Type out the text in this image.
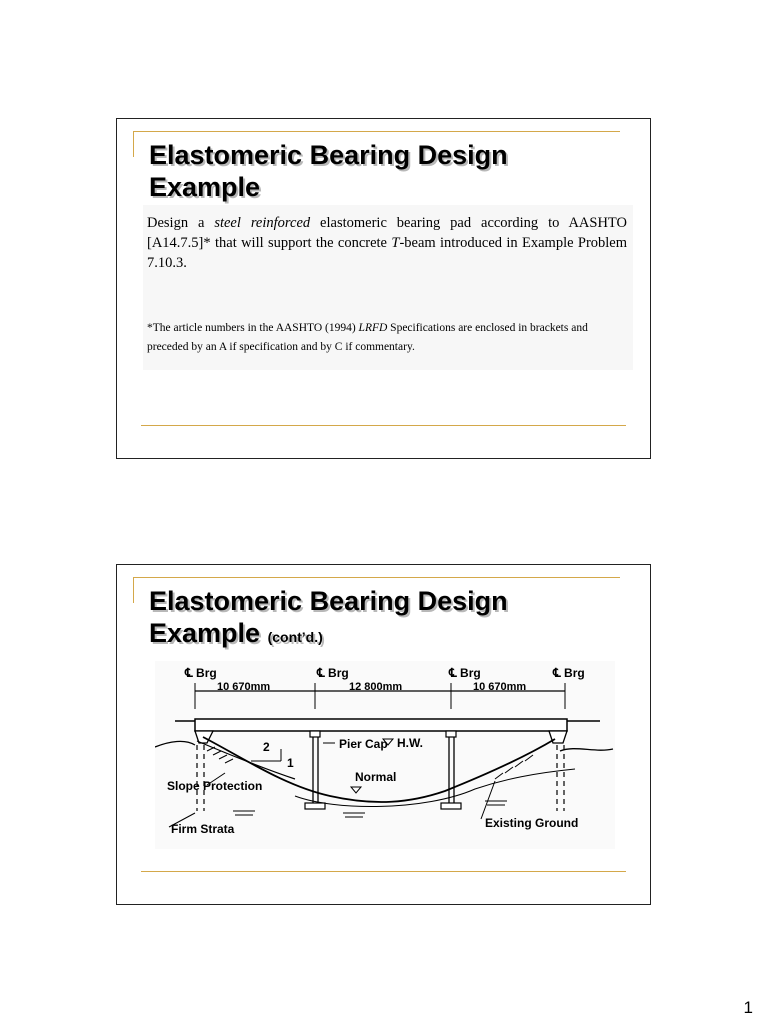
Elastomeric Bearing Design
Example

Design a steel reinforced elastomeric bearing pad according to AASHTO [A14.7.5]* that will support the concrete T-beam introduced in Example Problem 7.10.3.

*The article numbers in the AASHTO (1994) LRFD Specifications are enclosed in brackets and preceded by an A if specification and by C if commentary.

Elastomeric Bearing Design
Example (cont’d.)
℄ Brg	℄ Brg	℄ Brg	℄ Brg
10 670mm	12 800mm	10 670mm
2
1
Pier Cap H.W.
Normal
Slope Protection
Firm Strata	Existing Ground
1
